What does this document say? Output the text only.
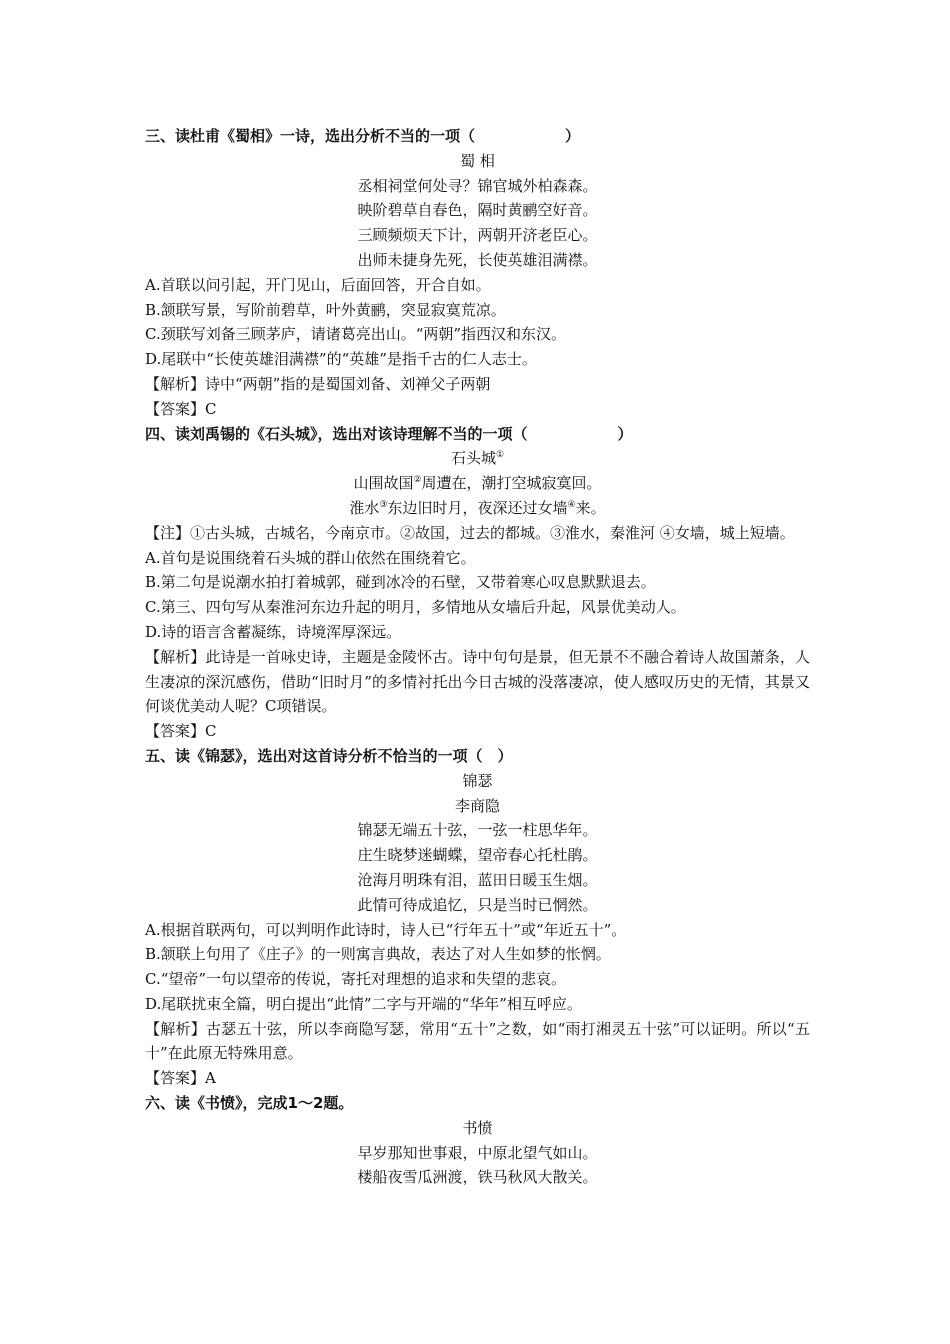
三、读杜甫《蜀相》一诗，选出分析不当的一项（　　　　　　）
蜀 相
丞相祠堂何处寻？锦官城外柏森森。
映阶碧草自春色，隔时黄鹂空好音。
三顾频烦天下计，两朝开济老臣心。
出师未捷身先死，长使英雄泪满襟。
A.首联以问引起，开门见山，后面回答，开合自如。
B.颔联写景，写阶前碧草，叶外黄鹂，突显寂寞荒凉。
C.颈联写刘备三顾茅庐，请诸葛亮出山。“两朝”指西汉和东汉。
D.尾联中“长使英雄泪满襟”的“英雄”是指千古的仁人志士。
【解析】诗中“两朝”指的是蜀国刘备、刘禅父子两朝
【答案】C
四、读刘禹锡的《石头城》，选出对该诗理解不当的一项（　　　　　　）
石头城①
山围故国②周遭在，潮打空城寂寞回。
淮水③东边旧时月，夜深还过女墙④来。
【注】①古头城，古城名，今南京市。②故国，过去的都城。③淮水，秦淮河 ④女墙，城上短墙。
A.首句是说围绕着石头城的群山依然在围绕着它。
B.第二句是说潮水拍打着城郭，碰到冰冷的石壁，又带着寒心叹息默默退去。
C.第三、四句写从秦淮河东边升起的明月，多情地从女墙后升起，风景优美动人。
D.诗的语言含蓄凝练，诗境浑厚深远。
【解析】此诗是一首咏史诗，主题是金陵怀古。诗中句句是景，但无景不不融合着诗人故国萧条，人生凄凉的深沉感伤，借助“旧时月”的多情衬托出今日古城的没落凄凉，使人感叹历史的无情，其景又何谈优美动人呢？C项错误。
【答案】C
五、读《锦瑟》，选出对这首诗分析不恰当的一项（　）
锦瑟
李商隐
锦瑟无端五十弦，一弦一柱思华年。
庄生晓梦迷蝴蝶，望帝春心托杜鹃。
沧海月明珠有泪，蓝田日暖玉生烟。
此情可待成追忆，只是当时已惘然。
A.根据首联两句，可以判明作此诗时，诗人已“行年五十”或“年近五十”。
B.颔联上句用了《庄子》的一则寓言典故，表达了对人生如梦的怅惘。
C.“望帝”一句以望帝的传说，寄托对理想的追求和失望的悲哀。
D.尾联扰束全篇，明白提出“此情”二字与开端的“华年”相互呼应。
【解析】古瑟五十弦，所以李商隐写瑟，常用“五十”之数，如“雨打湘灵五十弦”可以证明。所以“五十”在此原无特殊用意。
【答案】A
六、读《书愤》，完成1～2题。
书愤
早岁那知世事艰，中原北望气如山。
楼船夜雪瓜洲渡，铁马秋风大散关。
